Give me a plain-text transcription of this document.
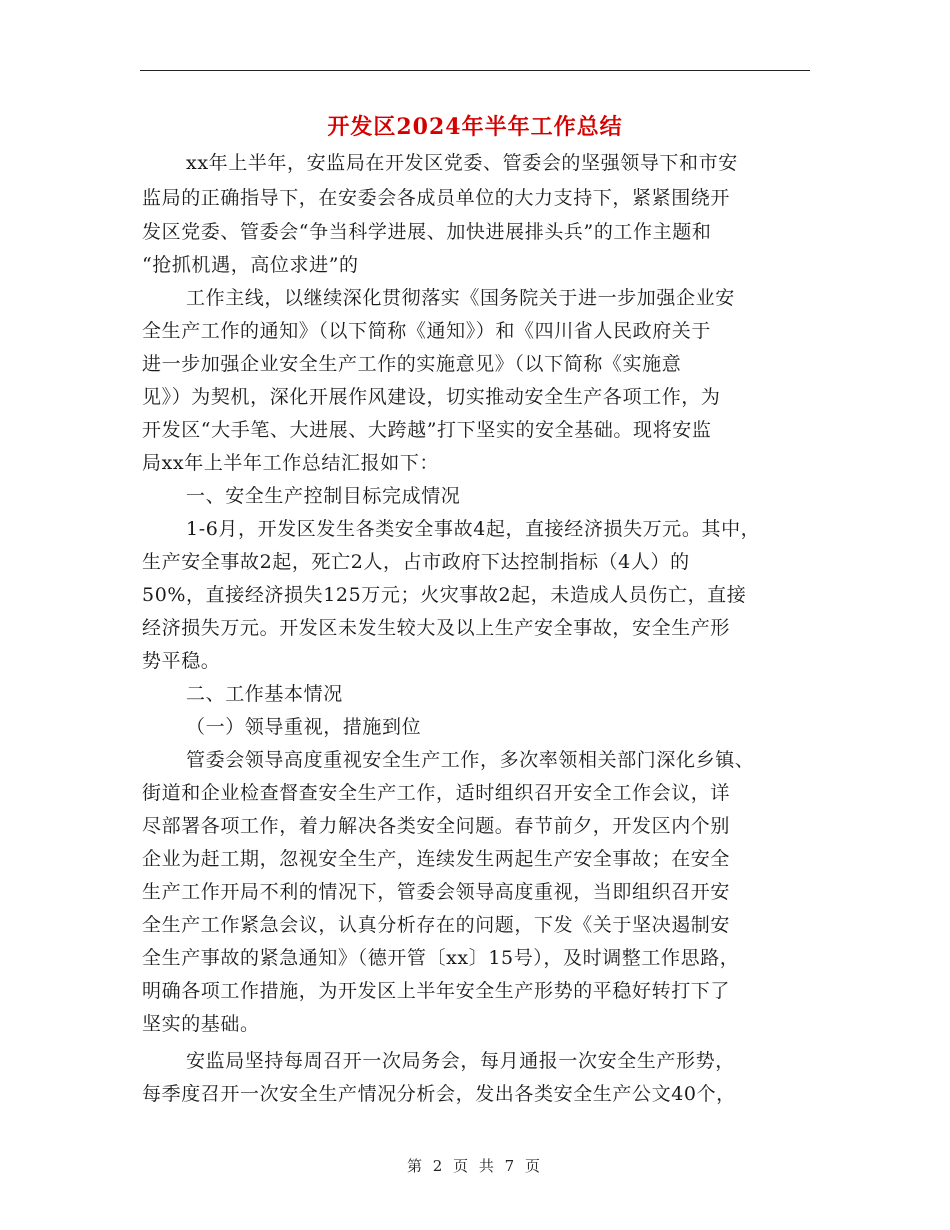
开发区2024年半年工作总结
xx年上半年，安监局在开发区党委、管委会的坚强领导下和市安
监局的正确指导下，在安委会各成员单位的大力支持下，紧紧围绕开
发区党委、管委会“争当科学进展、加快进展排头兵”的工作主题和
“抢抓机遇，高位求进”的
工作主线，以继续深化贯彻落实《国务院关于进一步加强企业安
全生产工作的通知》（以下简称《通知》）和《四川省人民政府关于
进一步加强企业安全生产工作的实施意见》（以下简称《实施意
见》）为契机，深化开展作风建设，切实推动安全生产各项工作，为
开发区“大手笔、大进展、大跨越”打下坚实的安全基础。现将安监
局xx年上半年工作总结汇报如下：
一、安全生产控制目标完成情况
1-6月，开发区发生各类安全事故4起，直接经济损失万元。其中，
生产安全事故2起，死亡2人，占市政府下达控制指标（4人）的
50%，直接经济损失125万元；火灾事故2起，未造成人员伤亡，直接
经济损失万元。开发区未发生较大及以上生产安全事故，安全生产形
势平稳。
二、工作基本情况
（一）领导重视，措施到位
管委会领导高度重视安全生产工作，多次率领相关部门深化乡镇、
街道和企业检查督查安全生产工作，适时组织召开安全工作会议，详
尽部署各项工作，着力解决各类安全问题。春节前夕，开发区内个别
企业为赶工期，忽视安全生产，连续发生两起生产安全事故；在安全
生产工作开局不利的情况下，管委会领导高度重视，当即组织召开安
全生产工作紧急会议，认真分析存在的问题，下发《关于坚决遏制安
全生产事故的紧急通知》（德开管〔xx〕15号），及时调整工作思路，
明确各项工作措施，为开发区上半年安全生产形势的平稳好转打下了
坚实的基础。
安监局坚持每周召开一次局务会，每月通报一次安全生产形势，
每季度召开一次安全生产情况分析会，发出各类安全生产公文40个，
第 2 页 共 7 页
